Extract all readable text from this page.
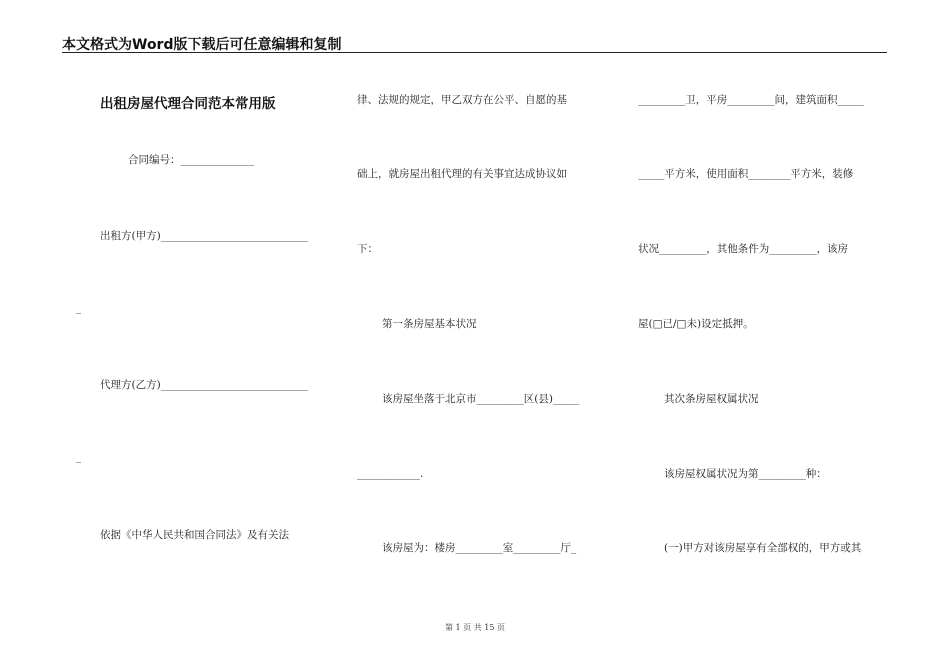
本文格式为Word版下载后可任意编辑和复制
出租房屋代理合同范本常用版
合同编号：______________
出租方(甲方)____________________________
_
代理方(乙方)____________________________
_
依据《中华人民共和国合同法》及有关法
律、法规的规定，甲乙双方在公平、自愿的基
础上，就房屋出租代理的有关事宜达成协议如
下：
第一条房屋基本状况
该房屋坐落于北京市_________区(县)_____
____________.
该房屋为：楼房_________室_________厅_
_________卫，平房_________间，建筑面积_____
_____平方米，使用面积________平方米，装修
状况_________，其他条件为_________，该房
屋(□已/□未)设定抵押。
其次条房屋权属状况
该房屋权属状况为第_________种：
(一)甲方对该房屋享有全部权的，甲方或其
第 1 页 共 15 页
